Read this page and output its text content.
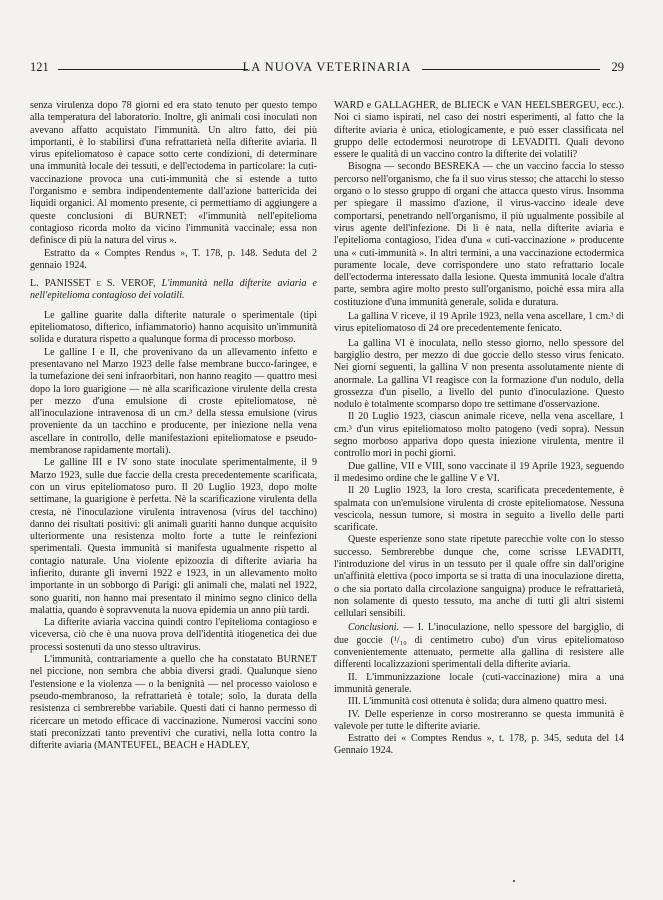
121	LA NUOVA VETERINARIA	29

senza virulenza dopo 78 giorni ed era stato tenuto per questo tempo alla temperatura del laboratorio. Inoltre, gli animali così inoculati non avevano affatto acquistato l'immunità. Un altro fatto, dei più importanti, è lo stabilirsi d'una refrattarietà nella difterite aviaria. Il virus epiteliomatoso è capace sotto certe condizioni, di determinare una immunità locale dei tessuti, e dell'ectodema in particolare: la cuti-vaccinazione provoca una cuti-immunità che si estende a tutto l'organismo e sembra indipendentemente dall'azione battericida dei liquidi organici. Al momento presente, ci permettiamo di aggiungere a queste conclusioni di BURNET: «l'immunità nell'epitelioma contagioso ricorda molto da vicino l'immunità vaccinale; essa non definisce di più la natura del virus ».

Estratto da « Comptes Rendus », T. 178, p. 148. Seduta del 2 gennaio 1924.

L. PANISSET e S. VEROF, L'immunità nella difterite aviaria e nell'epitelioma contagioso dei volatili.

Le galline guarite dalla difterite naturale o sperimentale (tipi epiteliomatoso, difterico, infiammatorio) hanno acquisito un'immunità solida e duratura rispetto a qualunque forma di processo morboso.

Le galline I e II, che provenivano da un allevamento infetto e presentavano nel Marzo 1923 delle false membrane bucco-faringee, e la tumefazione dei seni infraorbitari, non hanno reagito — quattro mesi dopo la loro guarigione — nè alla scarificazione virulente della cresta per mezzo d'una emulsione di croste epiteliomatose, nè all'inoculazione intravenosa di un cm.³ della stessa emulsione (virus proveniente da un tacchino e producente, per iniezione nella vena ascellare in controllo, delle manifestazioni epiteliomatose e pseudo-membranose rapidamente mortali).

Le galline III e IV sono state inoculate sperimentalmente, il 9 Marzo 1923, sulle due faccie della cresta precedentemente scarificata, con un virus epiteliomatoso puro. Il 20 Luglio 1923, dopo molte settimane, la guarigione è perfetta. Nè la scarificazione virulenta della cresta, nè l'inoculazione virulenta intravenosa (virus del tacchino) danno dei risultati positivi: gli animali guariti hanno dunque acquisito ulteriormente una resistenza molto forte a tutte le reinfezioni sperimentali. Questa immunità si manifesta ugualmente rispetto al contagio naturale. Una violente epizoozia di difterite aviaria ha infierito, durante gli inverni 1922 e 1923, in un allevamento molto importante in un sobborgo di Parigi: gli animali che, malati nel 1922, sono guariti, non hanno mai presentato il minimo segno clinico della malattia, quando è sopravvenuta la nuova epidemia un anno più tardi.

La difterite aviaria vaccina quindi contro l'epitelioma contagioso e viceversa, ciò che è una nuova prova dell'identità itiogenetica dei due processi sostenuti da uno stesso ultravirus.

L'immunità, contrariamente a quello che ha constatato BURNET nel piccione, non sembra che abbia diversi gradi. Qualunque sieno l'estensione e la violenza — o la benignità — nel processo vaioloso e pseudo-membranoso, la refrattarietà è totale; solo, la durata della resistenza ci sembrerebbe variabile. Questi dati ci hanno permesso di ricercare un metodo efficace di vaccinazione. Numerosi vaccini sono stati preconizzati tanto preventivi che curativi, nella lotta contro la difterite aviaria (MANTEUFEL, BEACH e HADLEY,

WARD e GALLAGHER, de BLIECK e VAN HEELSBERGEU, ecc.). Noi ci siamo ispirati, nel caso dei nostri esperimenti, al fatto che la difterite aviaria è unica, etiologicamente, e può esser classificata nel gruppo delle ectodermosi neurotrope di LEVADITI. Quali devono essere le qualità di un vaccino contro la difterite dei volatili?

Bisogna — secondo BESREKA — che un vaccino faccia lo stesso percorso nell'organismo, che fa il suo virus stesso; che attacchi lo stesso organo o lo stesso gruppo di organi che attacca questo virus. Insomma per spiegare il massimo d'azione, il virus-vaccino ideale deve comportarsi, penetrando nell'organismo, il più ugualmente possibile al virus agente dell'infezione. Di lì è nata, nella difterite aviaria e l'epitelioma contagioso, l'idea d'una « cuti-vaccinazione » producente una « cuti-immunità ». In altri termini, a una vaccinazione ectodermica puramente locale, deve corrispondere uno stato refrattario locale dell'ectoderma interessato dalla lesione. Questa immunità locale d'altra parte, sembra agire molto presto sull'organismo, poichè essa mira alla costituzione d'una immunità generale, solida e duratura.

La gallina V riceve, il 19 Aprile 1923, nella vena ascellare, 1 cm.³ di virus epiteliomatoso di 24 ore precedentemente fenicato.

La gallina VI è inoculata, nello stesso giorno, nello spessore del bargiglio destro, per mezzo di due goccie dello stesso virus fenicato. Nei giorni seguenti, la gallina V non presenta assolutamente niente di anormale. La gallina VI reagisce con la formazione d'un nodulo, della grossezza d'un pisello, a livello del punto d'inoculazione. Questo nodulo è totalmente scomparso dopo tre settimane d'osservazione.

Il 20 Luglio 1923, ciascun animale riceve, nella vena ascellare, 1 cm.³ d'un virus epiteliomatoso molto patogeno (vedi sopra). Nessun segno morboso appariva dopo questa iniezione virulenta, mentre il controllo morì in pochi giorni.

Due galline, VII e VIII, sono vaccinate il 19 Aprile 1923, seguendo il medesimo ordine che le galline V e VI.

Il 20 Luglio 1923, la loro cresta, scarificata precedentemente, è spalmata con un'emulsione virulenta di croste epiteliomatose. Nessuna vescicola, nessun tumore, si mostra in seguito a livello delle parti scarificate.

Queste esperienze sono state ripetute parecchie volte con lo stesso successo. Sembrerebbe dunque che, come scrisse LEVADITI, l'introduzione del virus in un tessuto per il quale offre sin dall'origine un'affinità elettiva (poco importa se si tratta di una inoculazione diretta, o che sia portato dalla circolazione sanguigna) produce le refrattarietà, non solamente di questo tessuto, ma anche di tutti gli altri sistemi cellulari sensibili.

Conclusioni. — I. L'inoculazione, nello spessore del bargiglio, di due goccie (¹/₁₀ di centimetro cubo) d'un virus epiteliomatoso convenientemente attenuato, permette alla gallina di resistere alle differenti localizzazioni sperimentali della difterite aviaria.

II. L'immunizzazione locale (cuti-vaccinazione) mira a una immunità generale.

III. L'immunità così ottenuta è solida; dura almeno quattro mesi.

IV. Delle esperienze in corso mostreranno se questa immunità è valevole per tutte le difterite aviarie.

Estratto dei « Comptes Rendus », t. 178, p. 345, seduta del 14 Gennaio 1924.
